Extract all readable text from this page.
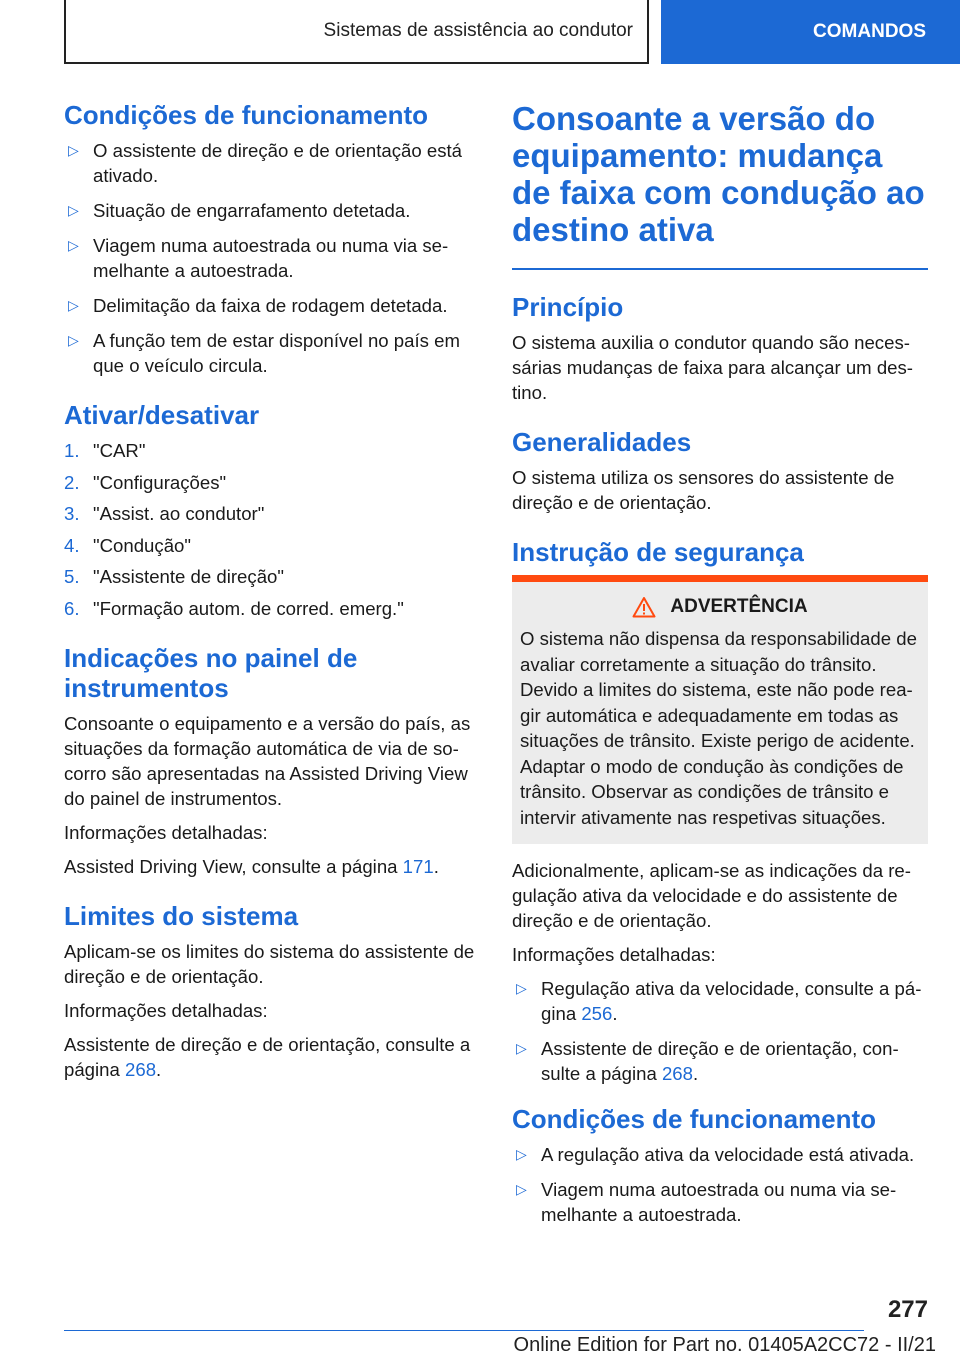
Sistemas de assistência ao condutor	COMANDOS
Condições de funcionamento
▷ O assistente de direção e de orientação está ativado.
▷ Situação de engarrafamento detetada.
▷ Viagem numa autoestrada ou numa via se‐melhante a autoestrada.
▷ Delimitação da faixa de rodagem detetada.
▷ A função tem de estar disponível no país em que o veículo circula.
Ativar/desativar
1. "CAR"
2. "Configurações"
3. "Assist. ao condutor"
4. "Condução"
5. "Assistente de direção"
6. "Formação autom. de corred. emerg."
Indicações no painel de instrumentos

Consoante o equipamento e a versão do país, as situações da formação automática de via de so‐corro são apresentadas na Assisted Driving View do painel de instrumentos.

Informações detalhadas:

Assisted Driving View, consulte a página 171.

Limites do sistema

Aplicam-se os limites do sistema do assistente de direção e de orientação.

Informações detalhadas:

Assistente de direção e de orientação, consulte a página 268.

Consoante a versão do equipamento: mudança de faixa com condução ao destino ativa
Princípio

O sistema auxilia o condutor quando são neces‐sárias mudanças de faixa para alcançar um des‐tino.

Generalidades

O sistema utiliza os sensores do assistente de direção e de orientação.

Instrução de segurança
ADVERTÊNCIA

O sistema não dispensa da responsabilidade de avaliar corretamente a situação do trânsito. Devido a limites do sistema, este não pode rea‐gir automática e adequadamente em todas as situações de trânsito. Existe perigo de acidente. Adaptar o modo de condução às condições de trânsito. Observar as condições de trânsito e intervir ativamente nas respetivas situações.

Adicionalmente, aplicam-se as indicações da re‐gulação ativa da velocidade e do assistente de direção e de orientação.

Informações detalhadas:

▷ Regulação ativa da velocidade, consulte a pá‐gina 256.
▷ Assistente de direção e de orientação, con‐sulte a página 268.
Condições de funcionamento
▷ A regulação ativa da velocidade está ativada.
▷ Viagem numa autoestrada ou numa via se‐melhante a autoestrada.
277
Online Edition for Part no. 01405A2CC72 - II/21
